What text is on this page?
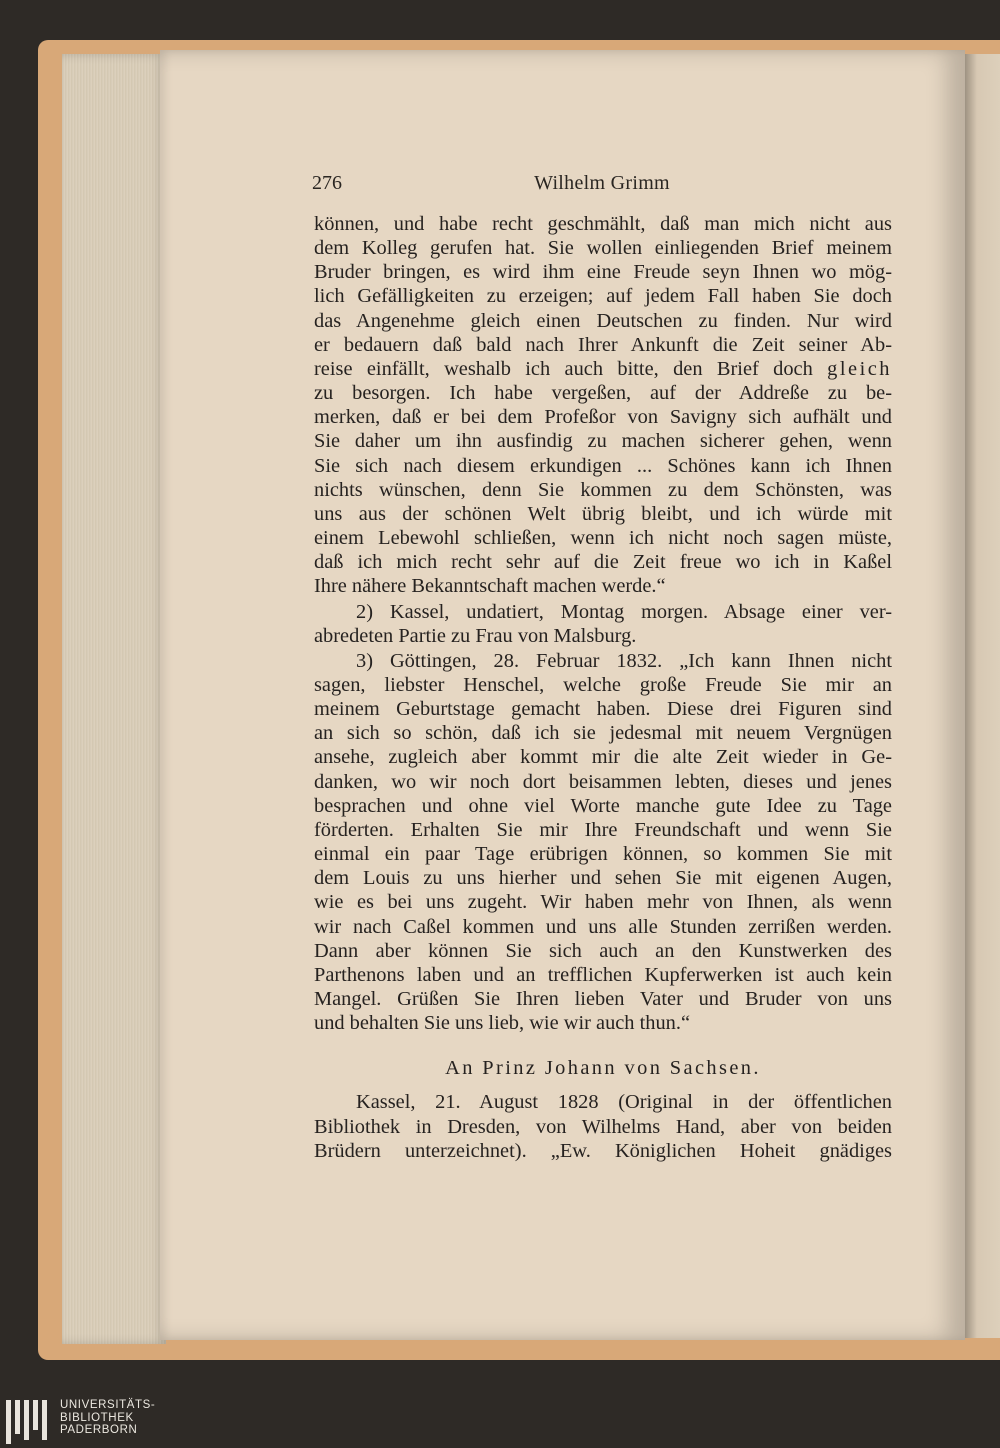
276	Wilhelm Grimm

können, und habe recht geschmählt, daß man mich nicht aus

dem Kolleg gerufen hat. Sie wollen einliegenden Brief meinem

Bruder bringen, es wird ihm eine Freude seyn Ihnen wo mög-

lich Gefälligkeiten zu erzeigen; auf jedem Fall haben Sie doch

das Angenehme gleich einen Deutschen zu finden. Nur wird

er bedauern daß bald nach Ihrer Ankunft die Zeit seiner Ab-

reise einfällt, weshalb ich auch bitte, den Brief doch gleich

zu besorgen. Ich habe vergeßen, auf der Addreße zu be-

merken, daß er bei dem Profeßor von Savigny sich aufhält und

Sie daher um ihn ausfindig zu machen sicherer gehen, wenn

Sie sich nach diesem erkundigen ... Schönes kann ich Ihnen

nichts wünschen, denn Sie kommen zu dem Schönsten, was

uns aus der schönen Welt übrig bleibt, und ich würde mit

einem Lebewohl schließen, wenn ich nicht noch sagen müste,

daß ich mich recht sehr auf die Zeit freue wo ich in Kaßel

Ihre nähere Bekanntschaft machen werde.“

2) Kassel, undatiert, Montag morgen. Absage einer ver-

abredeten Partie zu Frau von Malsburg.

3) Göttingen, 28. Februar 1832. „Ich kann Ihnen nicht

sagen, liebster Henschel, welche große Freude Sie mir an

meinem Geburtstage gemacht haben. Diese drei Figuren sind

an sich so schön, daß ich sie jedesmal mit neuem Vergnügen

ansehe, zugleich aber kommt mir die alte Zeit wieder in Ge-

danken, wo wir noch dort beisammen lebten, dieses und jenes

besprachen und ohne viel Worte manche gute Idee zu Tage

förderten. Erhalten Sie mir Ihre Freundschaft und wenn Sie

einmal ein paar Tage erübrigen können, so kommen Sie mit

dem Louis zu uns hierher und sehen Sie mit eigenen Augen,

wie es bei uns zugeht. Wir haben mehr von Ihnen, als wenn

wir nach Caßel kommen und uns alle Stunden zerrißen werden.

Dann aber können Sie sich auch an den Kunstwerken des

Parthenons laben und an trefflichen Kupferwerken ist auch kein

Mangel. Grüßen Sie Ihren lieben Vater und Bruder von uns

und behalten Sie uns lieb, wie wir auch thun.“

An Prinz Johann von Sachsen.

Kassel, 21. August 1828 (Original in der öffentlichen

Bibliothek in Dresden, von Wilhelms Hand, aber von beiden

Brüdern unterzeichnet). „Ew. Königlichen Hoheit gnädiges

UNIVERSITÄTS-
BIBLIOTHEK
PADERBORN
